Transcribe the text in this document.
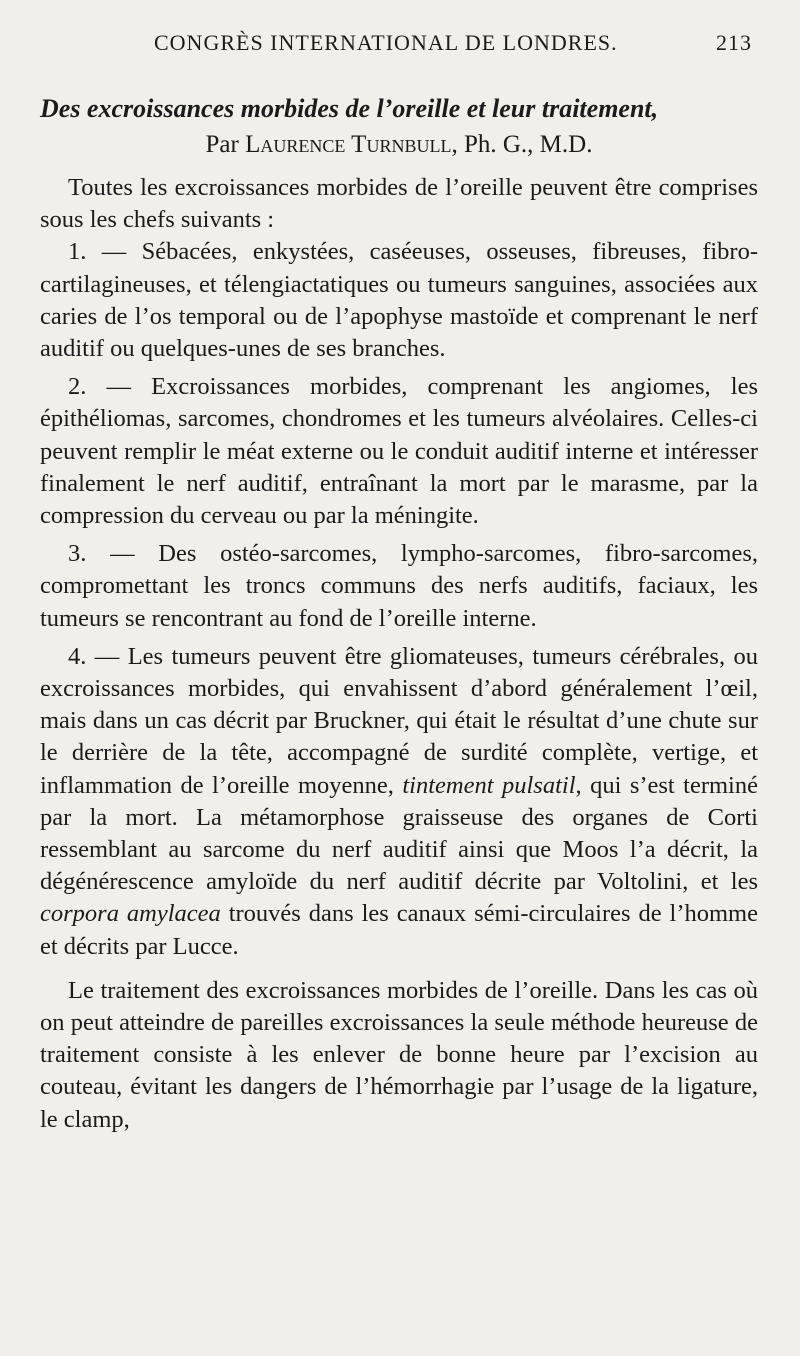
CONGRÈS INTERNATIONAL DE LONDRES.	213
Des excroissances morbides de l’oreille et leur traitement,
Par Laurence Turnbull, Ph. G., M.D.

Toutes les excroissances morbides de l’oreille peuvent être comprises sous les chefs suivants :

1. — Sébacées, enkystées, caséeuses, osseuses, fibreuses, fibro-cartilagineuses, et télengiactatiques ou tumeurs sanguines, associées aux caries de l’os temporal ou de l’apophyse mastoïde et comprenant le nerf auditif ou quelques-unes de ses branches.

2. — Excroissances morbides, comprenant les angiomes, les épithéliomas, sarcomes, chondromes et les tumeurs alvéolaires. Celles-ci peuvent remplir le méat externe ou le conduit auditif interne et intéresser finalement le nerf auditif, entraînant la mort par le marasme, par la compression du cerveau ou par la méningite.

3. — Des ostéo-sarcomes, lympho-sarcomes, fibro-sarcomes, compromettant les troncs communs des nerfs auditifs, faciaux, les tumeurs se rencontrant au fond de l’oreille interne.

4. — Les tumeurs peuvent être gliomateuses, tumeurs cérébrales, ou excroissances morbides, qui envahissent d’abord généralement l’œil, mais dans un cas décrit par Bruckner, qui était le résultat d’une chute sur le derrière de la tête, accompagné de surdité complète, vertige, et inflammation de l’oreille moyenne, tintement pulsatil, qui s’est terminé par la mort. La métamorphose graisseuse des organes de Corti ressemblant au sarcome du nerf auditif ainsi que Moos l’a décrit, la dégénérescence amyloïde du nerf auditif décrite par Voltolini, et les corpora amylacea trouvés dans les canaux sémi-circulaires de l’homme et décrits par Lucce.

Le traitement des excroissances morbides de l’oreille. Dans les cas où on peut atteindre de pareilles excroissances la seule méthode heureuse de traitement consiste à les enlever de bonne heure par l’excision au couteau, évitant les dangers de l’hémorrhagie par l’usage de la ligature, le clamp,
